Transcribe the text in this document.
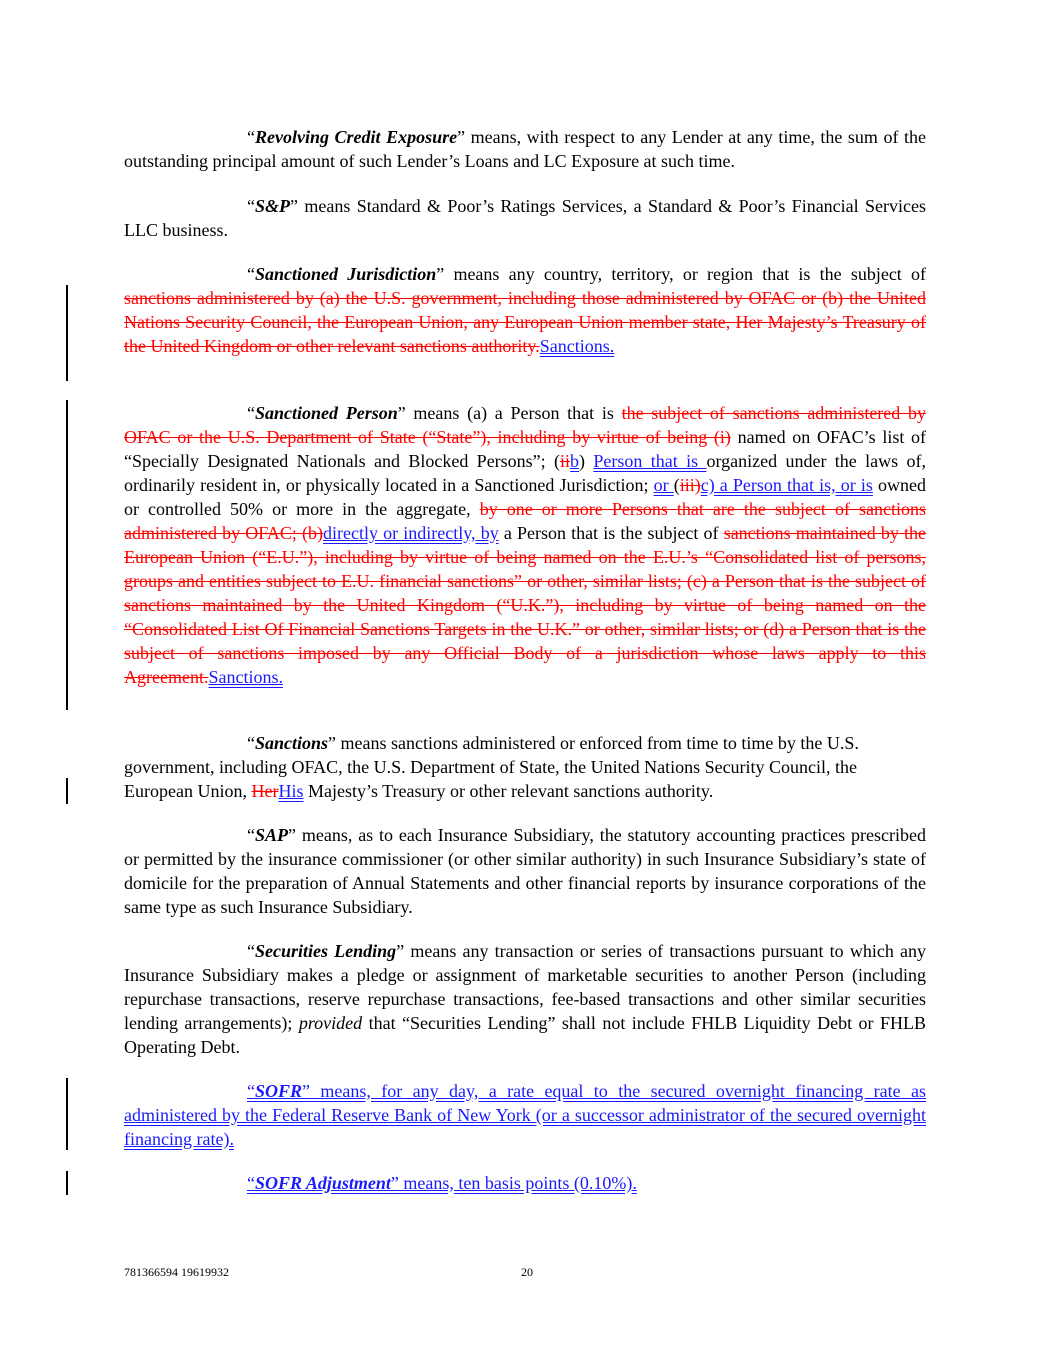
“Revolving Credit Exposure” means, with respect to any Lender at any time, the sum of the outstanding principal amount of such Lender’s Loans and LC Exposure at such time.

“S&P” means Standard & Poor’s Ratings Services, a Standard & Poor’s Financial Services LLC business.

“Sanctioned Jurisdiction” means any country, territory, or region that is the subject of sanctions administered by (a) the U.S. government, including those administered by OFAC or (b) the United Nations Security Council, the European Union, any European Union member state, Her Majesty’s Treasury of the United Kingdom or other relevant sanctions authority.Sanctions.

“Sanctioned Person” means (a) a Person that is the subject of sanctions administered by OFAC or the U.S. Department of State (“State”), including by virtue of being (i) named on OFAC’s list of “Specially Designated Nationals and Blocked Persons”; (iib) Person that is organized under the laws of, ordinarily resident in, or physically located in a Sanctioned Jurisdiction; or (iii)c) a Person that is, or is owned or controlled 50% or more in the aggregate, by one or more Persons that are the subject of sanctions administered by OFAC; (b)directly or indirectly, by a Person that is the subject of sanctions maintained by the European Union (“E.U.”), including by virtue of being named on the E.U.’s “Consolidated list of persons, groups and entities subject to E.U. financial sanctions” or other, similar lists; (c) a Person that is the subject of sanctions maintained by the United Kingdom (“U.K.”), including by virtue of being named on the “Consolidated List Of Financial Sanctions Targets in the U.K.” or other, similar lists; or (d) a Person that is the subject of sanctions imposed by any Official Body of a jurisdiction whose laws apply to this Agreement.Sanctions.

“Sanctions” means sanctions administered or enforced from time to time by the U.S. government, including OFAC, the U.S. Department of State, the United Nations Security Council, the European Union, HerHis Majesty’s Treasury or other relevant sanctions authority.

“SAP” means, as to each Insurance Subsidiary, the statutory accounting practices prescribed or permitted by the insurance commissioner (or other similar authority) in such Insurance Subsidiary’s state of domicile for the preparation of Annual Statements and other financial reports by insurance corporations of the same type as such Insurance Subsidiary.

“Securities Lending” means any transaction or series of transactions pursuant to which any Insurance Subsidiary makes a pledge or assignment of marketable securities to another Person (including repurchase transactions, reserve repurchase transactions, fee-based transactions and other similar securities lending arrangements); provided that “Securities Lending” shall not include FHLB Liquidity Debt or FHLB Operating Debt.

“SOFR” means, for any day, a rate equal to the secured overnight financing rate as administered by the Federal Reserve Bank of New York (or a successor administrator of the secured overnight financing rate).

“SOFR Adjustment” means, ten basis points (0.10%).

781366594 19619932	20
